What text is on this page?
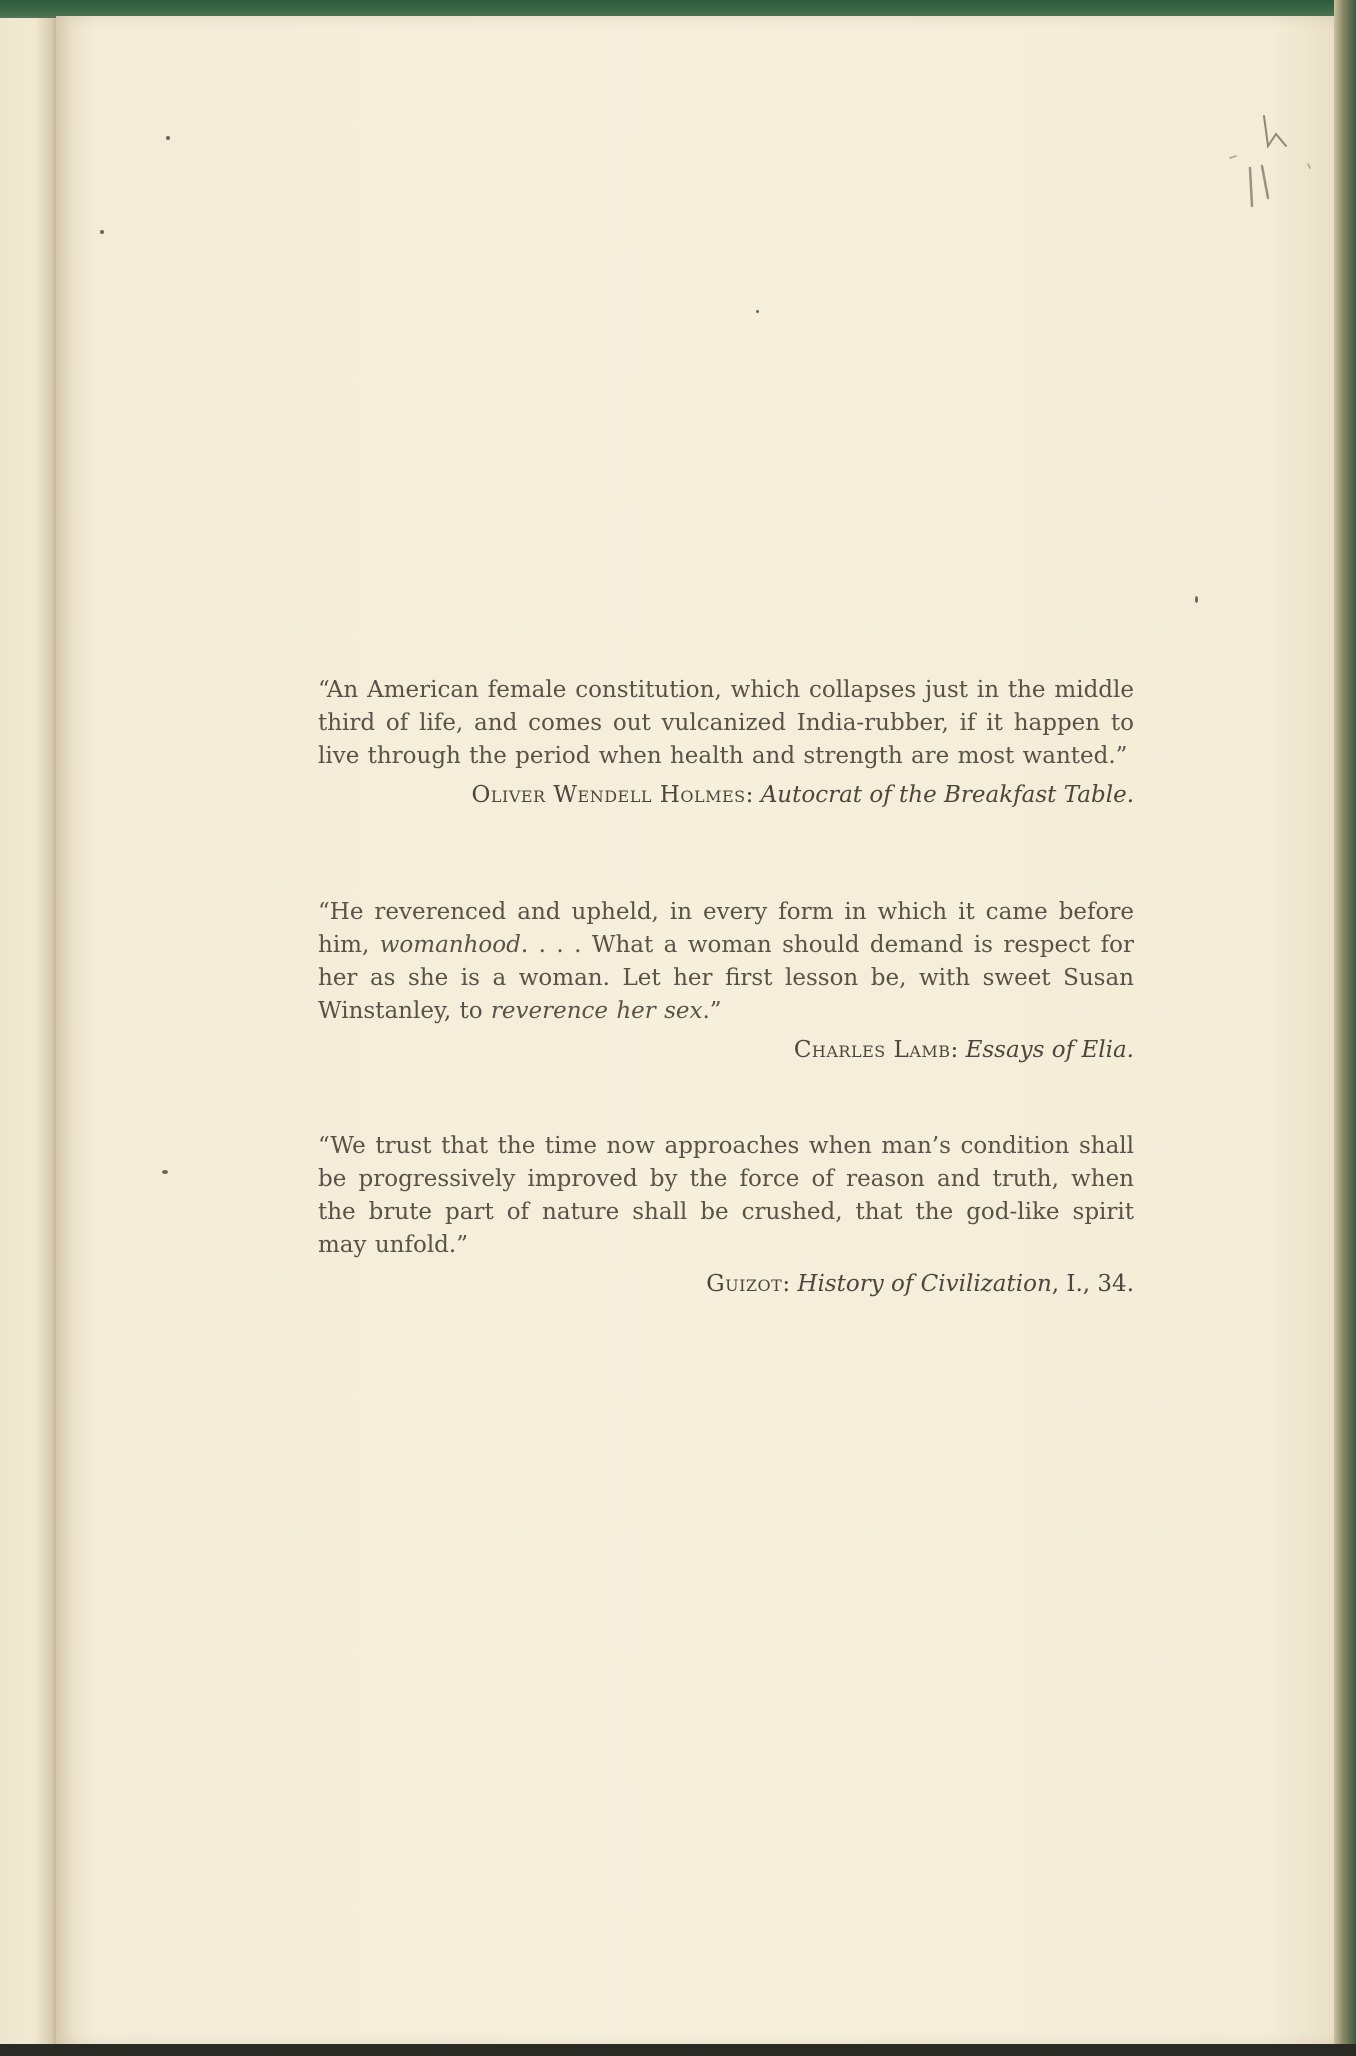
“An American female constitution, which collapses just in the middle third of life, and comes out vulcanized India-rubber, if it happen to live through the period when health and strength are most wanted.”

Oliver Wendell Holmes: Autocrat of the Breakfast Table.

“He reverenced and upheld, in every form in which it came before him, womanhood. . . . What a woman should demand is respect for her as she is a woman. Let her first lesson be, with sweet Susan Winstanley, to reverence her sex.”

Charles Lamb: Essays of Elia.

“We trust that the time now approaches when man’s condition shall be progressively improved by the force of reason and truth, when the brute part of nature shall be crushed, that the god-like spirit may unfold.”

Guizot: History of Civilization, I., 34.
